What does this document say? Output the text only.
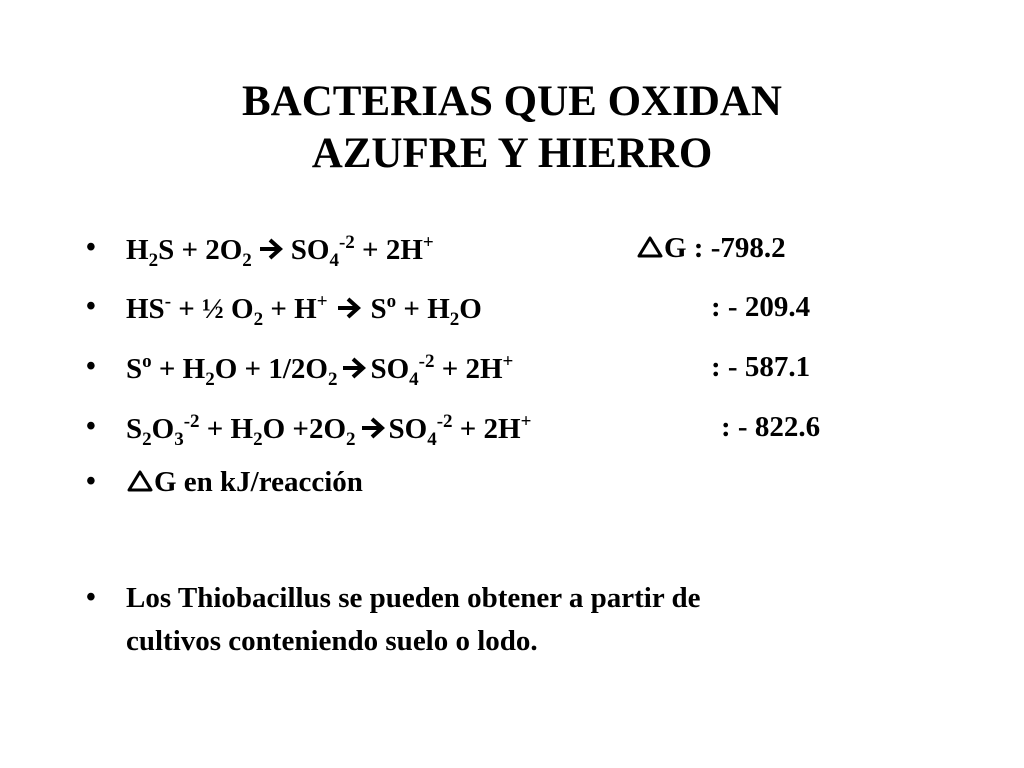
BACTERIAS QUE OXIDAN
AZUFRE Y HIERRO
• $H_2S + 2O_2$ $SO_4^{-2} + 2H^+$	G : -798.2
• HS- + ½ $O_2 + H^+$ $S^o + H_2O$	: - 209.4
• $S^o + H_2O + 1/2O_2$ $SO_4^{-2} + 2H^+$	: - 587.1
• $S_2O_3^{-2} + H_2O +2O_2$ $SO_4^{-2} + 2H^+$	: - 822.6
•	G en kJ/reacción
• Los Thiobacillus se pueden obtener a partir de
cultivos conteniendo suelo o lodo.
